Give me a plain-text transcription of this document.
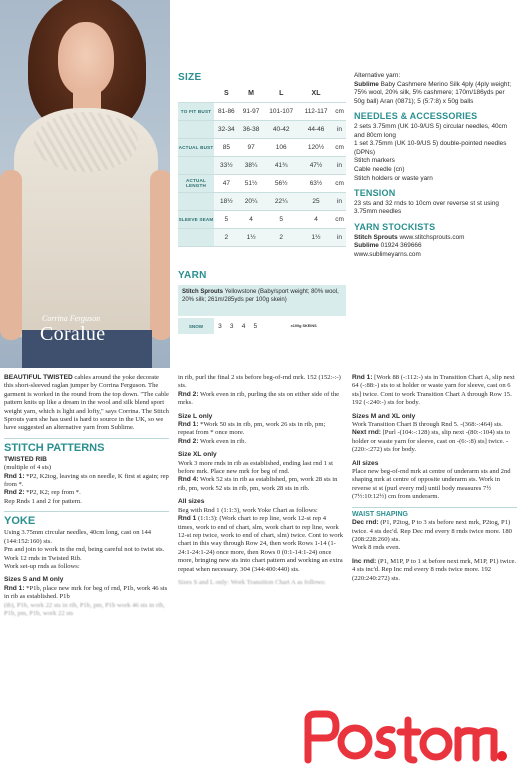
Corrina Ferguson
Coralue
SIZE
	S	M	L	XL	
TO FIT BUST	81-86	91-97	101-107	112-117	cm
	32-34	36-38	40-42	44-46	in
ACTUAL BUST	85	97	106	120½	cm
	33½	38¼	41¾	47½	in
ACTUAL LENGTH	47	51½	56½	63½	cm
	18½	20¼	22¼	25	in
SLEEVE SEAM	5	4	5	4	cm
	2	1½	2	1½	in
YARN
Stitch Sprouts Yellowstone (Baby/sport weight; 80% wool, 20% silk; 261m/285yds per 100g skein)
SNOW	3	3	4	5	x100g SKEINS

Alternative yarn:

Sublime Baby Cashmere Merino Silk 4ply (4ply weight; 75% wool, 20% silk, 5% cashmere; 170m/186yds per 50g ball) Aran (0871); 5 (5:7:8) x 50g balls

NEEDLES & ACCESSORIES

2 sets 3.75mm (UK 10-9/US 5) circular needles, 40cm and 80cm long

1 set 3.75mm (UK 10-9/US 5) double-pointed needles (DPNs)

Stitch markers

Cable needle (cn)

Stitch holders or waste yarn

TENSION

23 sts and 32 rnds to 10cm over reverse st st using 3.75mm needles

YARN STOCKISTS

Stitch Sprouts www.stitchsprouts.com

Sublime 01924 369666

www.sublimeyarns.com

BEAUTIFUL TWISTED cables around the yoke decorate this short-sleeved raglan jumper by Corrina Ferguson. The garment is worked in the round from the top down. "The cable pattern knits up like a dream in the wool and silk blend sport weight yarn, which is light and lofty," says Corrina. The Stitch Sprouts yarn she has used is hard to source in the UK, so we have suggested an alternative yarn from Sublime.
STITCH PATTERNS
TWISTED RIB
(multiple of 4 sts)
Rnd 1: *P2, K2tog, leaving sts on needle, K first st again; rep from *.
Rnd 2: *P2, K2; rep from *.
Rep Rnds 1 and 2 for pattern.
YOKE
Using 3.75mm circular needles, 40cm long, cast on 144 (144:152:160) sts.
Pm and join to work in the rnd, being careful not to twist sts.
Work 12 rnds in Twisted Rib.
Work set-up rnds as follows:
Sizes S and M only
Rnd 1: *P1b, place new mrk for beg of rnd, P1b, work 46 sts in rib as established. P1b
(tb), P1b, work 22 sts in rib, P1b, pm, P1b work 46 sts in rib, P1b, pm, P1b, work 22 sts
in rib, purl the final 2 sts before beg-of-rnd mrk. 152 (152:-:-) sts.
Rnd 2: Work even in rib, purling the sts on either side of the mrks.
Size L only
Rnd 1: *Work 50 sts in rib, pm, work 26 sts in rib, pm; repeat from * once more.
Rnd 2: Work even in rib.
Size XL only
Work 3 more rnds in rib as established, ending last rnd 1 st before mrk. Place new mrk for beg of rnd.
Rnd 4: Work 52 sts in rib as established, pm, work 28 sts in rib, pm, work 52 sts in rib, pm, work 28 sts in rib.
All sizes
Beg with Rnd 1 (1:1:3), work Yoke Chart as follows:
Rnd 1 (1:1:3): (Work chart to rep line, work 12-st rep 4 times, work to end of chart, slm, work chart to rep line, work 12-st rep twice, work to end of chart, slm) twice. Cont to work chart in this way through Row 24, then work Rows 1-14 (1-24:1-24:1-24) once more, then Rows 0 (0:1-14:1-24) once more, bringing new sts into chart pattern and working an extra repeat when necessary. 304 (344:400:440) sts.
Sizes S and L only: Work Transition Chart A as follows:
Rnd 1: [Work 88 (-:112:-) sts in Transition Chart A, slip next 64 (-:88:-) sts to st holder or waste yarn for sleeve, cast on 6 sts] twice. Cont to work Transition Chart A through Row 15.
192 (-:240:-) sts for body.
Sizes M and XL only
Work Transition Chart B through Rnd 5. -(368:-:464) sts.
Next rnd: [Purl -(104:-:128) sts, slip next -(80:-:104) sts to holder or waste yarn for sleeve, cast on -(6:-:8) sts] twice. -(220:-:272) sts for body.
All sizes
Place new beg-of-rnd mrk at centre of underarm sts and 2nd shaping mrk at centre of opposite underarm sts. Work in reverse st st (purl every rnd) until body measures 7½ (7½:10:12½) cm from underarm.
WAIST SHAPING
Dec rnd: (P1, P2tog, P to 3 sts before next mrk, P2tog, P1) twice. 4 sts dec'd. Rep Dec rnd every 8 rnds twice more. 180 (208:228:260) sts.
Work 8 rnds even.
Inc rnd: (P1, M1P, P to 1 st before next mrk, M1P, P1) twice. 4 sts inc'd. Rep Inc rnd every 8 rnds twice more. 192 (220:240:272) sts.
